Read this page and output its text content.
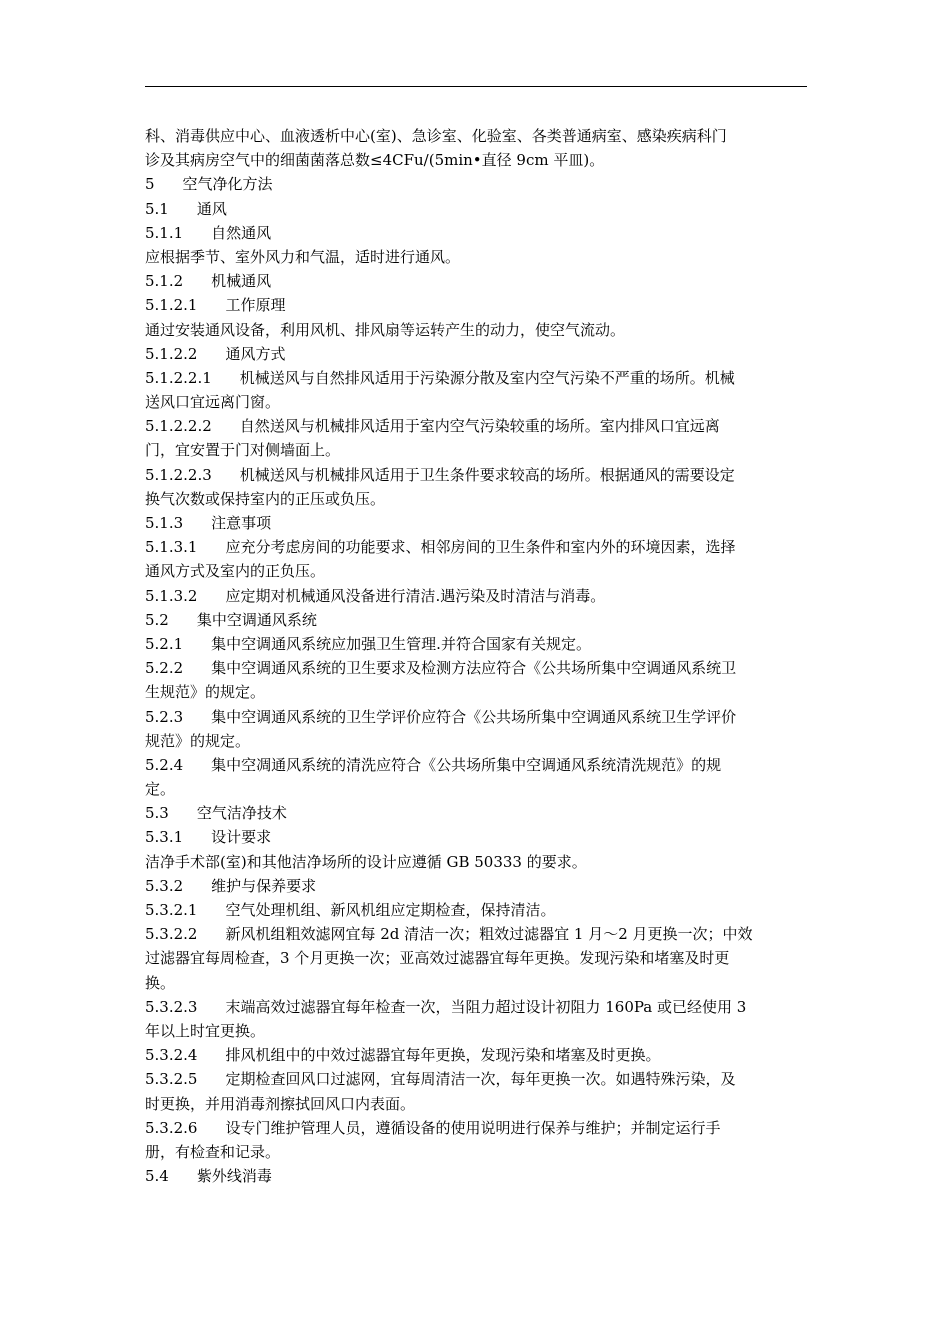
科、消毒供应中心、血液透析中心(室)、急诊室、化验室、各类普通病室、感染疾病科门
诊及其病房空气中的细菌菌落总数≤4CFu/(5min•直径 9cm 平皿)。
5 空气净化方法
5.1 通风
5.1.1 自然通风
应根据季节、室外风力和气温，适时进行通风。
5.1.2 机械通风
5.1.2.1 工作原理
通过安装通风设备，利用风机、排风扇等运转产生的动力，使空气流动。
5.1.2.2 通风方式
5.1.2.2.1 机械送风与自然排风适用于污染源分散及室内空气污染不严重的场所。机械
送风口宜远离门窗。
5.1.2.2.2 自然送风与机械排风适用于室内空气污染较重的场所。室内排风口宜远离
门，宜安置于门对侧墙面上。
5.1.2.2.3 机械送风与机械排风适用于卫生条件要求较高的场所。根据通风的需要设定
换气次数或保持室内的正压或负压。
5.1.3 注意事项
5.1.3.1 应充分考虑房间的功能要求、相邻房间的卫生条件和室内外的环境因素，选择
通风方式及室内的正负压。
5.1.3.2 应定期对机械通风没备进行清洁.遇污染及时清洁与消毒。
5.2 集中空调通风系统
5.2.1 集中空调通风系统应加强卫生管理.并符合国家有关规定。
5.2.2 集中空调通风系统的卫生要求及检测方法应符合《公共场所集中空调通风系统卫
生规范》的规定。
5.2.3 集中空调通风系统的卫生学评价应符合《公共场所集中空调通风系统卫生学评价
规范》的规定。
5.2.4 集中空凋通风系统的清洗应符合《公共场所集中空调通风系统清洗规范》的规
定。
5.3 空气洁净技术
5.3.1 设计要求
洁净手术部(室)和其他洁净场所的设计应遵循 GB 50333 的要求。
5.3.2 维护与保养要求
5.3.2.1 空气处理机组、新风机组应定期检查，保持清洁。
5.3.2.2 新风机组粗效滤网宜每 2d 清洁一次；粗效过滤器宜 1 月～2 月更换一次；中效
过滤器宜每周检查，3 个月更换一次；亚高效过滤器宜每年更换。发现污染和堵塞及时更
换。
5.3.2.3 末端高效过滤器宜每年检查一次，当阻力超过设计初阻力 160Pa 或已经使用 3
年以上时宜更换。
5.3.2.4 排风机组中的中效过滤器宜每年更换，发现污染和堵塞及时更换。
5.3.2.5 定期检查回风口过滤网，宜每周清洁一次，每年更换一次。如遇特殊污染，及
时更换，并用消毒剂擦拭回风口内表面。
5.3.2.6 设专门维护管理人员，遵循设备的使用说明进行保养与维护；并制定运行手
册，有检查和记录。
5.4 紫外线消毒
